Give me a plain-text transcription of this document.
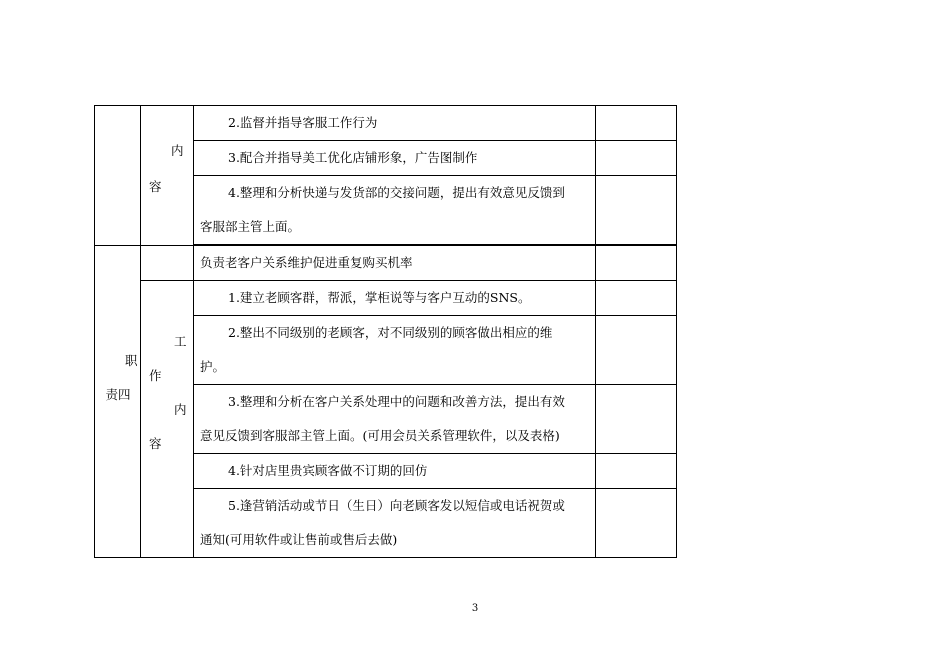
	内
容	2.监督并指导客服工作行为	

		3.配合并指导美工优化店铺形象，广告图制作	

		4.整理和分析快递与发货部的交接问题，提出有效意见反馈到
客服部主管上面。	

职
责四		负责老客户关系维护促进重复购买机率	

	工
作
内
容	1.建立老顾客群，帮派，掌柜说等与客户互动的SNS。	

		2.整出不同级别的老顾客，对不同级别的顾客做出相应的维
护。	

		3.整理和分析在客户关系处理中的问题和改善方法，提出有效
意见反馈到客服部主管上面。(可用会员关系管理软件，以及表格)	

		4.针对店里贵宾顾客做不订期的回仿	

		5.逢营销活动或节日（生日）向老顾客发以短信或电话祝贺或
通知(可用软件或让售前或售后去做)	

3
